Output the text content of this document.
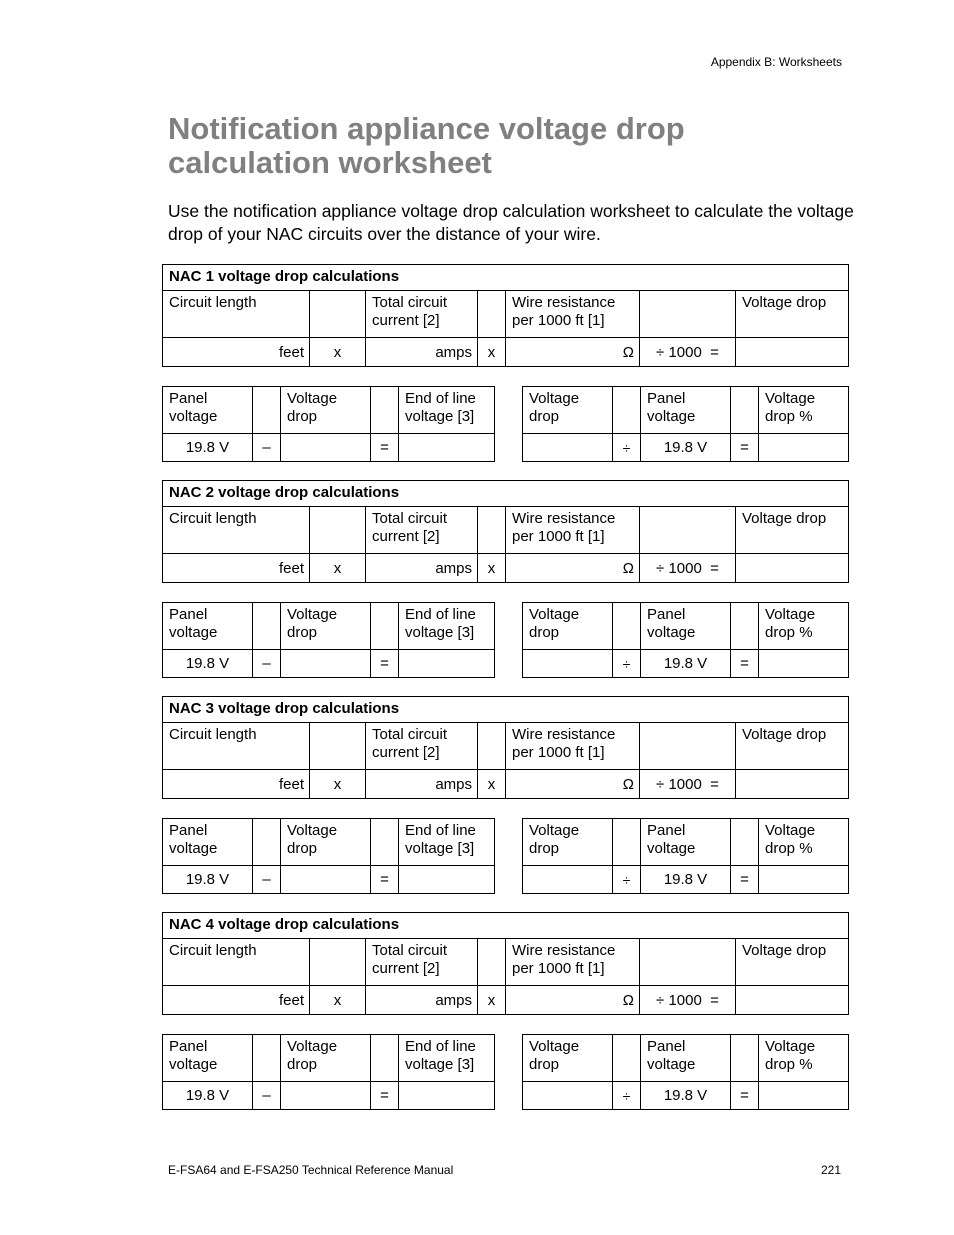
Appendix B: Worksheets
Notification appliance voltage drop calculation worksheet

Use the notification appliance voltage drop calculation worksheet to calculate the voltage drop of your NAC circuits over the distance of your wire.

NAC 1 voltage drop calculations						
Circuit length		Total circuit current [2]		Wire resistance per 1000 ft [1]		Voltage drop
feet	x	amps	x	Ω	÷ 1000 =	
Panel voltage		Voltage drop		End of line voltage [3]
19.8 V	–		=	
Voltage drop		Panel voltage		Voltage drop %
	÷	19.8 V	=	
NAC 2 voltage drop calculations						
Circuit length		Total circuit current [2]		Wire resistance per 1000 ft [1]		Voltage drop
feet	x	amps	x	Ω	÷ 1000 =	
Panel voltage		Voltage drop		End of line voltage [3]
19.8 V	–		=	
Voltage drop		Panel voltage		Voltage drop %
	÷	19.8 V	=	
NAC 3 voltage drop calculations						
Circuit length		Total circuit current [2]		Wire resistance per 1000 ft [1]		Voltage drop
feet	x	amps	x	Ω	÷ 1000 =	
Panel voltage		Voltage drop		End of line voltage [3]
19.8 V	–		=	
Voltage drop		Panel voltage		Voltage drop %
	÷	19.8 V	=	
NAC 4 voltage drop calculations						
Circuit length		Total circuit current [2]		Wire resistance per 1000 ft [1]		Voltage drop
feet	x	amps	x	Ω	÷ 1000 =	
Panel voltage		Voltage drop		End of line voltage [3]
19.8 V	–		=	
Voltage drop		Panel voltage		Voltage drop %
	÷	19.8 V	=	
E-FSA64 and E-FSA250 Technical Reference Manual	221
